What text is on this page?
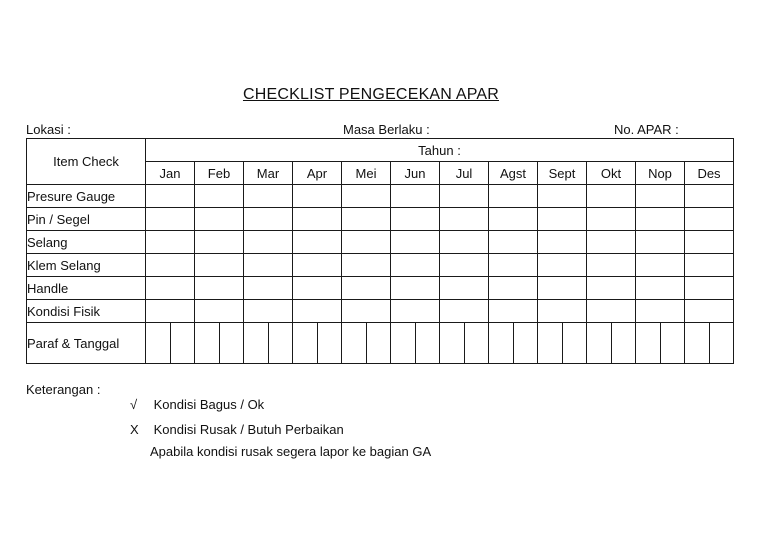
CHECKLIST PENGECEKAN APAR
Lokasi :	Masa Berlaku :	No. APAR :
Item Check	Tahun :											
	Jan	Feb	Mar	Apr	Mei	Jun	Jul	Agst	Sept	Okt	Nop	Des
Presure Gauge												
Pin / Segel												
Selang												
Klem Selang												
Handle												
Kondisi Fisik												
Paraf & Tanggal	

Keterangan :
√ Kondisi Bagus / Ok
X Kondisi Rusak / Butuh Perbaikan
Apabila kondisi rusak segera lapor ke bagian GA
